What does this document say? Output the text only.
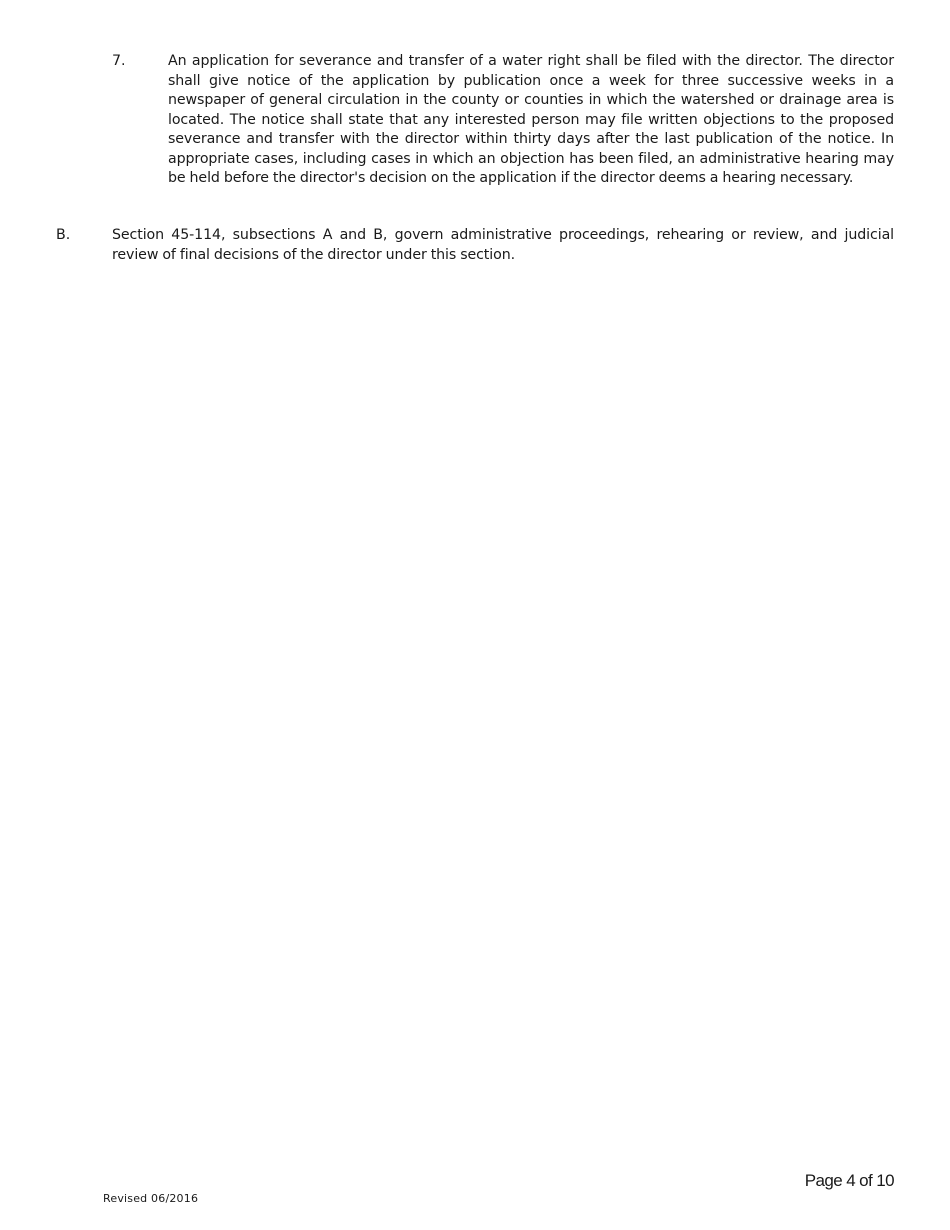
7.	An application for severance and transfer of a water right shall be filed with the director. The director shall give notice of the application by publication once a week for three successive weeks in a newspaper of general circulation in the county or counties in which the watershed or drainage area is located. The notice shall state that any interested person may file written objections to the proposed severance and transfer with the director within thirty days after the last publication of the notice. In appropriate cases, including cases in which an objection has been filed, an administrative hearing may be held before the director's decision on the application if the director deems a hearing necessary.
B.	Section 45-114, subsections A and B, govern administrative proceedings, rehearing or review, and judicial review of final decisions of the director under this section.
Page 4 of 10
Revised 06/2016
